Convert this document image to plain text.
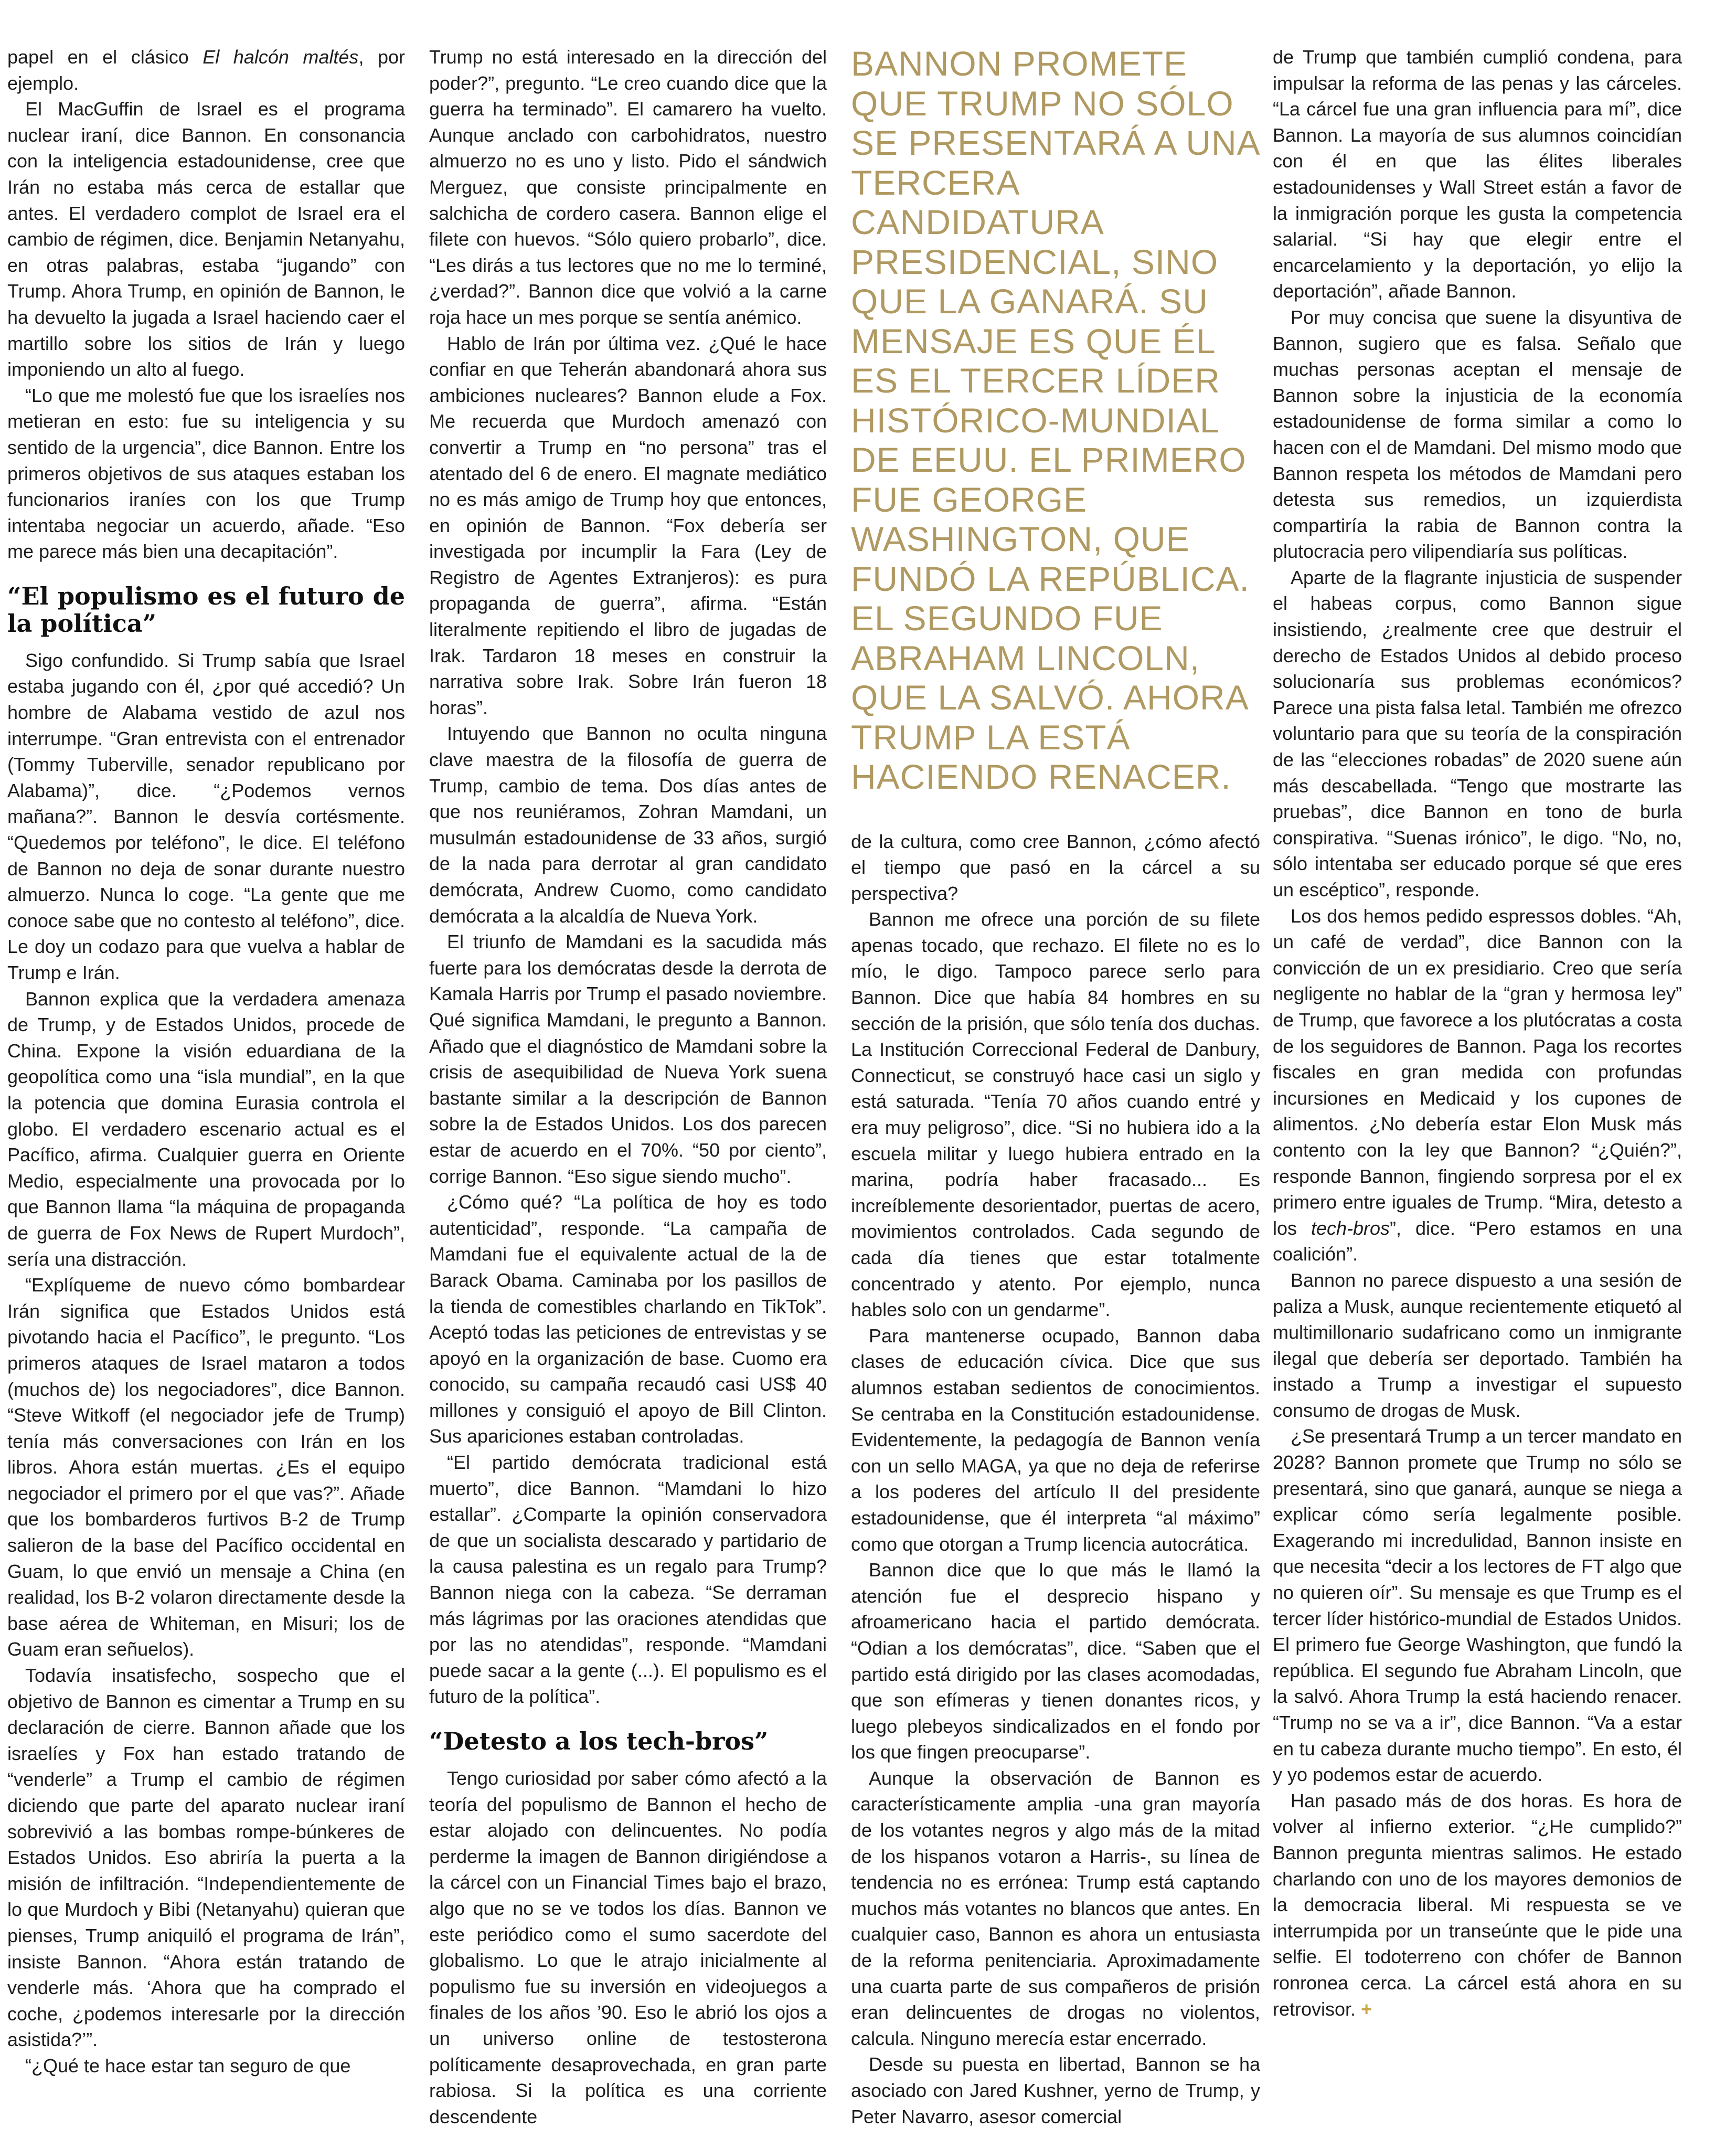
papel en el clásico El halcón maltés, por ejemplo.

El MacGuffin de Israel es el programa nuclear iraní, dice Bannon. En consonancia con la inteligencia estadounidense, cree que Irán no estaba más cerca de estallar que antes. El verdadero complot de Israel era el cambio de régimen, dice. Benjamin Netanyahu, en otras palabras, estaba “jugando” con Trump. Ahora Trump, en opinión de Bannon, le ha devuelto la jugada a Israel haciendo caer el martillo sobre los sitios de Irán y luego imponiendo un alto al fuego.

“Lo que me molestó fue que los israelíes nos metieran en esto: fue su inteligencia y su sentido de la urgencia”, dice Bannon. Entre los primeros objetivos de sus ataques estaban los funcionarios iraníes con los que Trump intentaba negociar un acuerdo, añade. “Eso me parece más bien una decapitación”.

“El populismo es el futuro de la política”

Sigo confundido. Si Trump sabía que Israel estaba jugando con él, ¿por qué accedió? Un hombre de Alabama vestido de azul nos interrumpe. “Gran entrevista con el entrenador (Tommy Tuberville, senador republicano por Alabama)”, dice. “¿Podemos vernos mañana?”. Bannon le desvía cortésmente. “Quedemos por teléfono”, le dice. El teléfono de Bannon no deja de sonar durante nuestro almuerzo. Nunca lo coge. “La gente que me conoce sabe que no contesto al teléfono”, dice. Le doy un codazo para que vuelva a hablar de Trump e Irán.

Bannon explica que la verdadera amenaza de Trump, y de Estados Unidos, procede de China. Expone la visión eduardiana de la geopolítica como una “isla mundial”, en la que la potencia que domina Eurasia controla el globo. El verdadero escenario actual es el Pacífico, afirma. Cualquier guerra en Oriente Medio, especialmente una provocada por lo que Bannon llama “la máquina de propaganda de guerra de Fox News de Rupert Murdoch”, sería una distracción.

“Explíqueme de nuevo cómo bombardear Irán significa que Estados Unidos está pivotando hacia el Pacífico”, le pregunto. “Los primeros ataques de Israel mataron a todos (muchos de) los negociadores”, dice Bannon. “Steve Witkoff (el negociador jefe de Trump) tenía más conversaciones con Irán en los libros. Ahora están muertas. ¿Es el equipo negociador el primero por el que vas?”. Añade que los bombarderos furtivos B-2 de Trump salieron de la base del Pacífico occidental en Guam, lo que envió un mensaje a China (en realidad, los B-2 volaron directamente desde la base aérea de Whiteman, en Misuri; los de Guam eran señuelos).

Todavía insatisfecho, sospecho que el objetivo de Bannon es cimentar a Trump en su declaración de cierre. Bannon añade que los israelíes y Fox han estado tratando de “venderle” a Trump el cambio de régimen diciendo que parte del aparato nuclear iraní sobrevivió a las bombas rompe-búnkeres de Estados Unidos. Eso abriría la puerta a la misión de infiltración. “Independientemente de lo que Murdoch y Bibi (Netanyahu) quieran que pienses, Trump aniquiló el programa de Irán”, insiste Bannon. “Ahora están tratando de venderle más. ‘Ahora que ha comprado el coche, ¿podemos interesarle por la dirección asistida?’”.

“¿Qué te hace estar tan seguro de que

Trump no está interesado en la dirección del poder?”, pregunto. “Le creo cuando dice que la guerra ha terminado”. El camarero ha vuelto. Aunque anclado con carbohidratos, nuestro almuerzo no es uno y listo. Pido el sándwich Merguez, que consiste principalmente en salchicha de cordero casera. Bannon elige el filete con huevos. “Sólo quiero probarlo”, dice. “Les dirás a tus lectores que no me lo terminé, ¿verdad?”. Bannon dice que volvió a la carne roja hace un mes porque se sentía anémico.

Hablo de Irán por última vez. ¿Qué le hace confiar en que Teherán abandonará ahora sus ambiciones nucleares? Bannon elude a Fox. Me recuerda que Murdoch amenazó con convertir a Trump en “no persona” tras el atentado del 6 de enero. El magnate mediático no es más amigo de Trump hoy que entonces, en opinión de Bannon. “Fox debería ser investigada por incumplir la Fara (Ley de Registro de Agentes Extranjeros): es pura propaganda de guerra”, afirma. “Están literalmente repitiendo el libro de jugadas de Irak. Tardaron 18 meses en construir la narrativa sobre Irak. Sobre Irán fueron 18 horas”.

Intuyendo que Bannon no oculta ninguna clave maestra de la filosofía de guerra de Trump, cambio de tema. Dos días antes de que nos reuniéramos, Zohran Mamdani, un musulmán estadounidense de 33 años, surgió de la nada para derrotar al gran candidato demócrata, Andrew Cuomo, como candidato demócrata a la alcaldía de Nueva York.

El triunfo de Mamdani es la sacudida más fuerte para los demócratas desde la derrota de Kamala Harris por Trump el pasado noviembre. Qué significa Mamdani, le pregunto a Bannon. Añado que el diagnóstico de Mamdani sobre la crisis de asequibilidad de Nueva York suena bastante similar a la descripción de Bannon sobre la de Estados Unidos. Los dos parecen estar de acuerdo en el 70%. “50 por ciento”, corrige Bannon. “Eso sigue siendo mucho”.

¿Cómo qué? “La política de hoy es todo autenticidad”, responde. “La campaña de Mamdani fue el equivalente actual de la de Barack Obama. Caminaba por los pasillos de la tienda de comestibles charlando en TikTok”. Aceptó todas las peticiones de entrevistas y se apoyó en la organización de base. Cuomo era conocido, su campaña recaudó casi US$ 40 millones y consiguió el apoyo de Bill Clinton. Sus apariciones estaban controladas.

“El partido demócrata tradicional está muerto”, dice Bannon. “Mamdani lo hizo estallar”. ¿Comparte la opinión conservadora de que un socialista descarado y partidario de la causa palestina es un regalo para Trump? Bannon niega con la cabeza. “Se derraman más lágrimas por las oraciones atendidas que por las no atendidas”, responde. “Mamdani puede sacar a la gente (...). El populismo es el futuro de la política”.

“Detesto a los tech-bros”

Tengo curiosidad por saber cómo afectó a la teoría del populismo de Bannon el hecho de estar alojado con delincuentes. No podía perderme la imagen de Bannon dirigiéndose a la cárcel con un Financial Times bajo el brazo, algo que no se ve todos los días. Bannon ve este periódico como el sumo sacerdote del globalismo. Lo que le atrajo inicialmente al populismo fue su inversión en videojuegos a finales de los años ’90. Eso le abrió los ojos a un universo online de testosterona políticamente desaprovechada, en gran parte rabiosa. Si la política es una corriente descendente

BANNON PROMETE QUE TRUMP NO SÓLO SE PRESENTARÁ A UNA TERCERA CANDIDATURA PRESIDENCIAL, SINO QUE LA GANARÁ. SU MENSAJE ES QUE ÉL ES EL TERCER LÍDER HISTÓRICO-MUNDIAL DE EEUU. EL PRIMERO FUE GEORGE WASHINGTON, QUE FUNDÓ LA REPÚBLICA. EL SEGUNDO FUE ABRAHAM LINCOLN, QUE LA SALVÓ. AHORA TRUMP LA ESTÁ HACIENDO RENACER.

de la cultura, como cree Bannon, ¿cómo afectó el tiempo que pasó en la cárcel a su perspectiva?

Bannon me ofrece una porción de su filete apenas tocado, que rechazo. El filete no es lo mío, le digo. Tampoco parece serlo para Bannon. Dice que había 84 hombres en su sección de la prisión, que sólo tenía dos duchas. La Institución Correccional Federal de Danbury, Connecticut, se construyó hace casi un siglo y está saturada. “Tenía 70 años cuando entré y era muy peligroso”, dice. “Si no hubiera ido a la escuela militar y luego hubiera entrado en la marina, podría haber fracasado... Es increíblemente desorientador, puertas de acero, movimientos controlados. Cada segundo de cada día tienes que estar totalmente concentrado y atento. Por ejemplo, nunca hables solo con un gendarme”.

Para mantenerse ocupado, Bannon daba clases de educación cívica. Dice que sus alumnos estaban sedientos de conocimientos. Se centraba en la Constitución estadounidense. Evidentemente, la pedagogía de Bannon venía con un sello MAGA, ya que no deja de referirse a los poderes del artículo II del presidente estadounidense, que él interpreta “al máximo” como que otorgan a Trump licencia autocrática.

Bannon dice que lo que más le llamó la atención fue el desprecio hispano y afroamericano hacia el partido demócrata. “Odian a los demócratas”, dice. “Saben que el partido está dirigido por las clases acomodadas, que son efímeras y tienen donantes ricos, y luego plebeyos sindicalizados en el fondo por los que fingen preocuparse”.

Aunque la observación de Bannon es característicamente amplia -una gran mayoría de los votantes negros y algo más de la mitad de los hispanos votaron a Harris-, su línea de tendencia no es errónea: Trump está captando muchos más votantes no blancos que antes. En cualquier caso, Bannon es ahora un entusiasta de la reforma penitenciaria. Aproximadamente una cuarta parte de sus compañeros de prisión eran delincuentes de drogas no violentos, calcula. Ninguno merecía estar encerrado.

Desde su puesta en libertad, Bannon se ha asociado con Jared Kushner, yerno de Trump, y Peter Navarro, asesor comercial

de Trump que también cumplió condena, para impulsar la reforma de las penas y las cárceles. “La cárcel fue una gran influencia para mí”, dice Bannon. La mayoría de sus alumnos coincidían con él en que las élites liberales estadounidenses y Wall Street están a favor de la inmigración porque les gusta la competencia salarial. “Si hay que elegir entre el encarcelamiento y la deportación, yo elijo la deportación”, añade Bannon.

Por muy concisa que suene la disyuntiva de Bannon, sugiero que es falsa. Señalo que muchas personas aceptan el mensaje de Bannon sobre la injusticia de la economía estadounidense de forma similar a como lo hacen con el de Mamdani. Del mismo modo que Bannon respeta los métodos de Mamdani pero detesta sus remedios, un izquierdista compartiría la rabia de Bannon contra la plutocracia pero vilipendiaría sus políticas.

Aparte de la flagrante injusticia de suspender el habeas corpus, como Bannon sigue insistiendo, ¿realmente cree que destruir el derecho de Estados Unidos al debido proceso solucionaría sus problemas económicos? Parece una pista falsa letal. También me ofrezco voluntario para que su teoría de la conspiración de las “elecciones robadas” de 2020 suene aún más descabellada. “Tengo que mostrarte las pruebas”, dice Bannon en tono de burla conspirativa. “Suenas irónico”, le digo. “No, no, sólo intentaba ser educado porque sé que eres un escéptico”, responde.

Los dos hemos pedido espressos dobles. “Ah, un café de verdad”, dice Bannon con la convicción de un ex presidiario. Creo que sería negligente no hablar de la “gran y hermosa ley” de Trump, que favorece a los plutócratas a costa de los seguidores de Bannon. Paga los recortes fiscales en gran medida con profundas incursiones en Medicaid y los cupones de alimentos. ¿No debería estar Elon Musk más contento con la ley que Bannon? “¿Quién?”, responde Bannon, fingiendo sorpresa por el ex primero entre iguales de Trump. “Mira, detesto a los tech-bros”, dice. “Pero estamos en una coalición”.

Bannon no parece dispuesto a una sesión de paliza a Musk, aunque recientemente etiquetó al multimillonario sudafricano como un inmigrante ilegal que debería ser deportado. También ha instado a Trump a investigar el supuesto consumo de drogas de Musk.

¿Se presentará Trump a un tercer mandato en 2028? Bannon promete que Trump no sólo se presentará, sino que ganará, aunque se niega a explicar cómo sería legalmente posible. Exagerando mi incredulidad, Bannon insiste en que necesita “decir a los lectores de FT algo que no quieren oír”. Su mensaje es que Trump es el tercer líder histórico-mundial de Estados Unidos. El primero fue George Washington, que fundó la república. El segundo fue Abraham Lincoln, que la salvó. Ahora Trump la está haciendo renacer. “Trump no se va a ir”, dice Bannon. “Va a estar en tu cabeza durante mucho tiempo”. En esto, él y yo podemos estar de acuerdo.

Han pasado más de dos horas. Es hora de volver al infierno exterior. “¿He cumplido?” Bannon pregunta mientras salimos. He estado charlando con uno de los mayores demonios de la democracia liberal. Mi respuesta se ve interrumpida por un transeúnte que le pide una selfie. El todoterreno con chófer de Bannon ronronea cerca. La cárcel está ahora en su retrovisor. +
